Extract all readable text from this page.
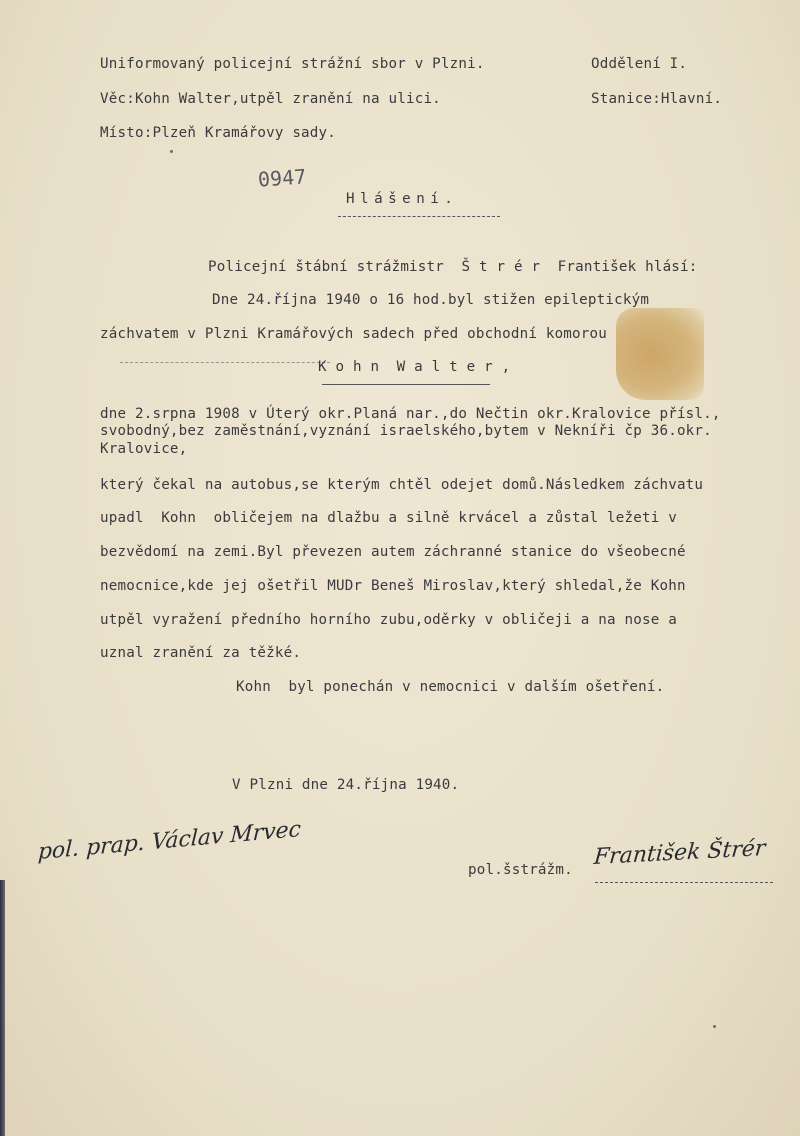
Uniformovaný policejní strážní sbor v Plzni.	Oddělení I.
Věc:Kohn Walter,utpěl zranění na ulici.	Stanice:Hlavní.
Místo:Plzeň Kramářovy sady.
0947
Hlášení.
Policejní štábní strážmistr  Š t r é r  František hlásí:
Dne 24.října 1940 o 16 hod.byl stižen epileptickým
záchvatem v Plzni Kramářových sadech před obchodní komorou
K o h n  W a l t e r ,
dne 2.srpna 1908 v Úterý okr.Planá nar.,do Nečtin okr.Kralovice přísl.,
svobodný,bez zaměstnání,vyznání israelského,bytem v Nekníři čp 36.okr.
Kralovice,
který čekal na autobus,se kterým chtěl odejet domů.Následkem záchvatu
upadl  Kohn  obličejem na dlažbu a silně krvácel a zůstal ležeti v
bezvědomí na zemi.Byl převezen autem záchranné stanice do všeobecné
nemocnice,kde jej ošetřil MUDr Beneš Miroslav,který shledal,že Kohn
utpěl vyražení předního horního zubu,oděrky v obličeji a na nose a
uznal zranění za těžké.
Kohn  byl ponechán v nemocnici v dalším ošetření.
V Plzni dne 24.října 1940.
pol. prap. Václav Mrvec
pol.šstrážm. František Štrér
